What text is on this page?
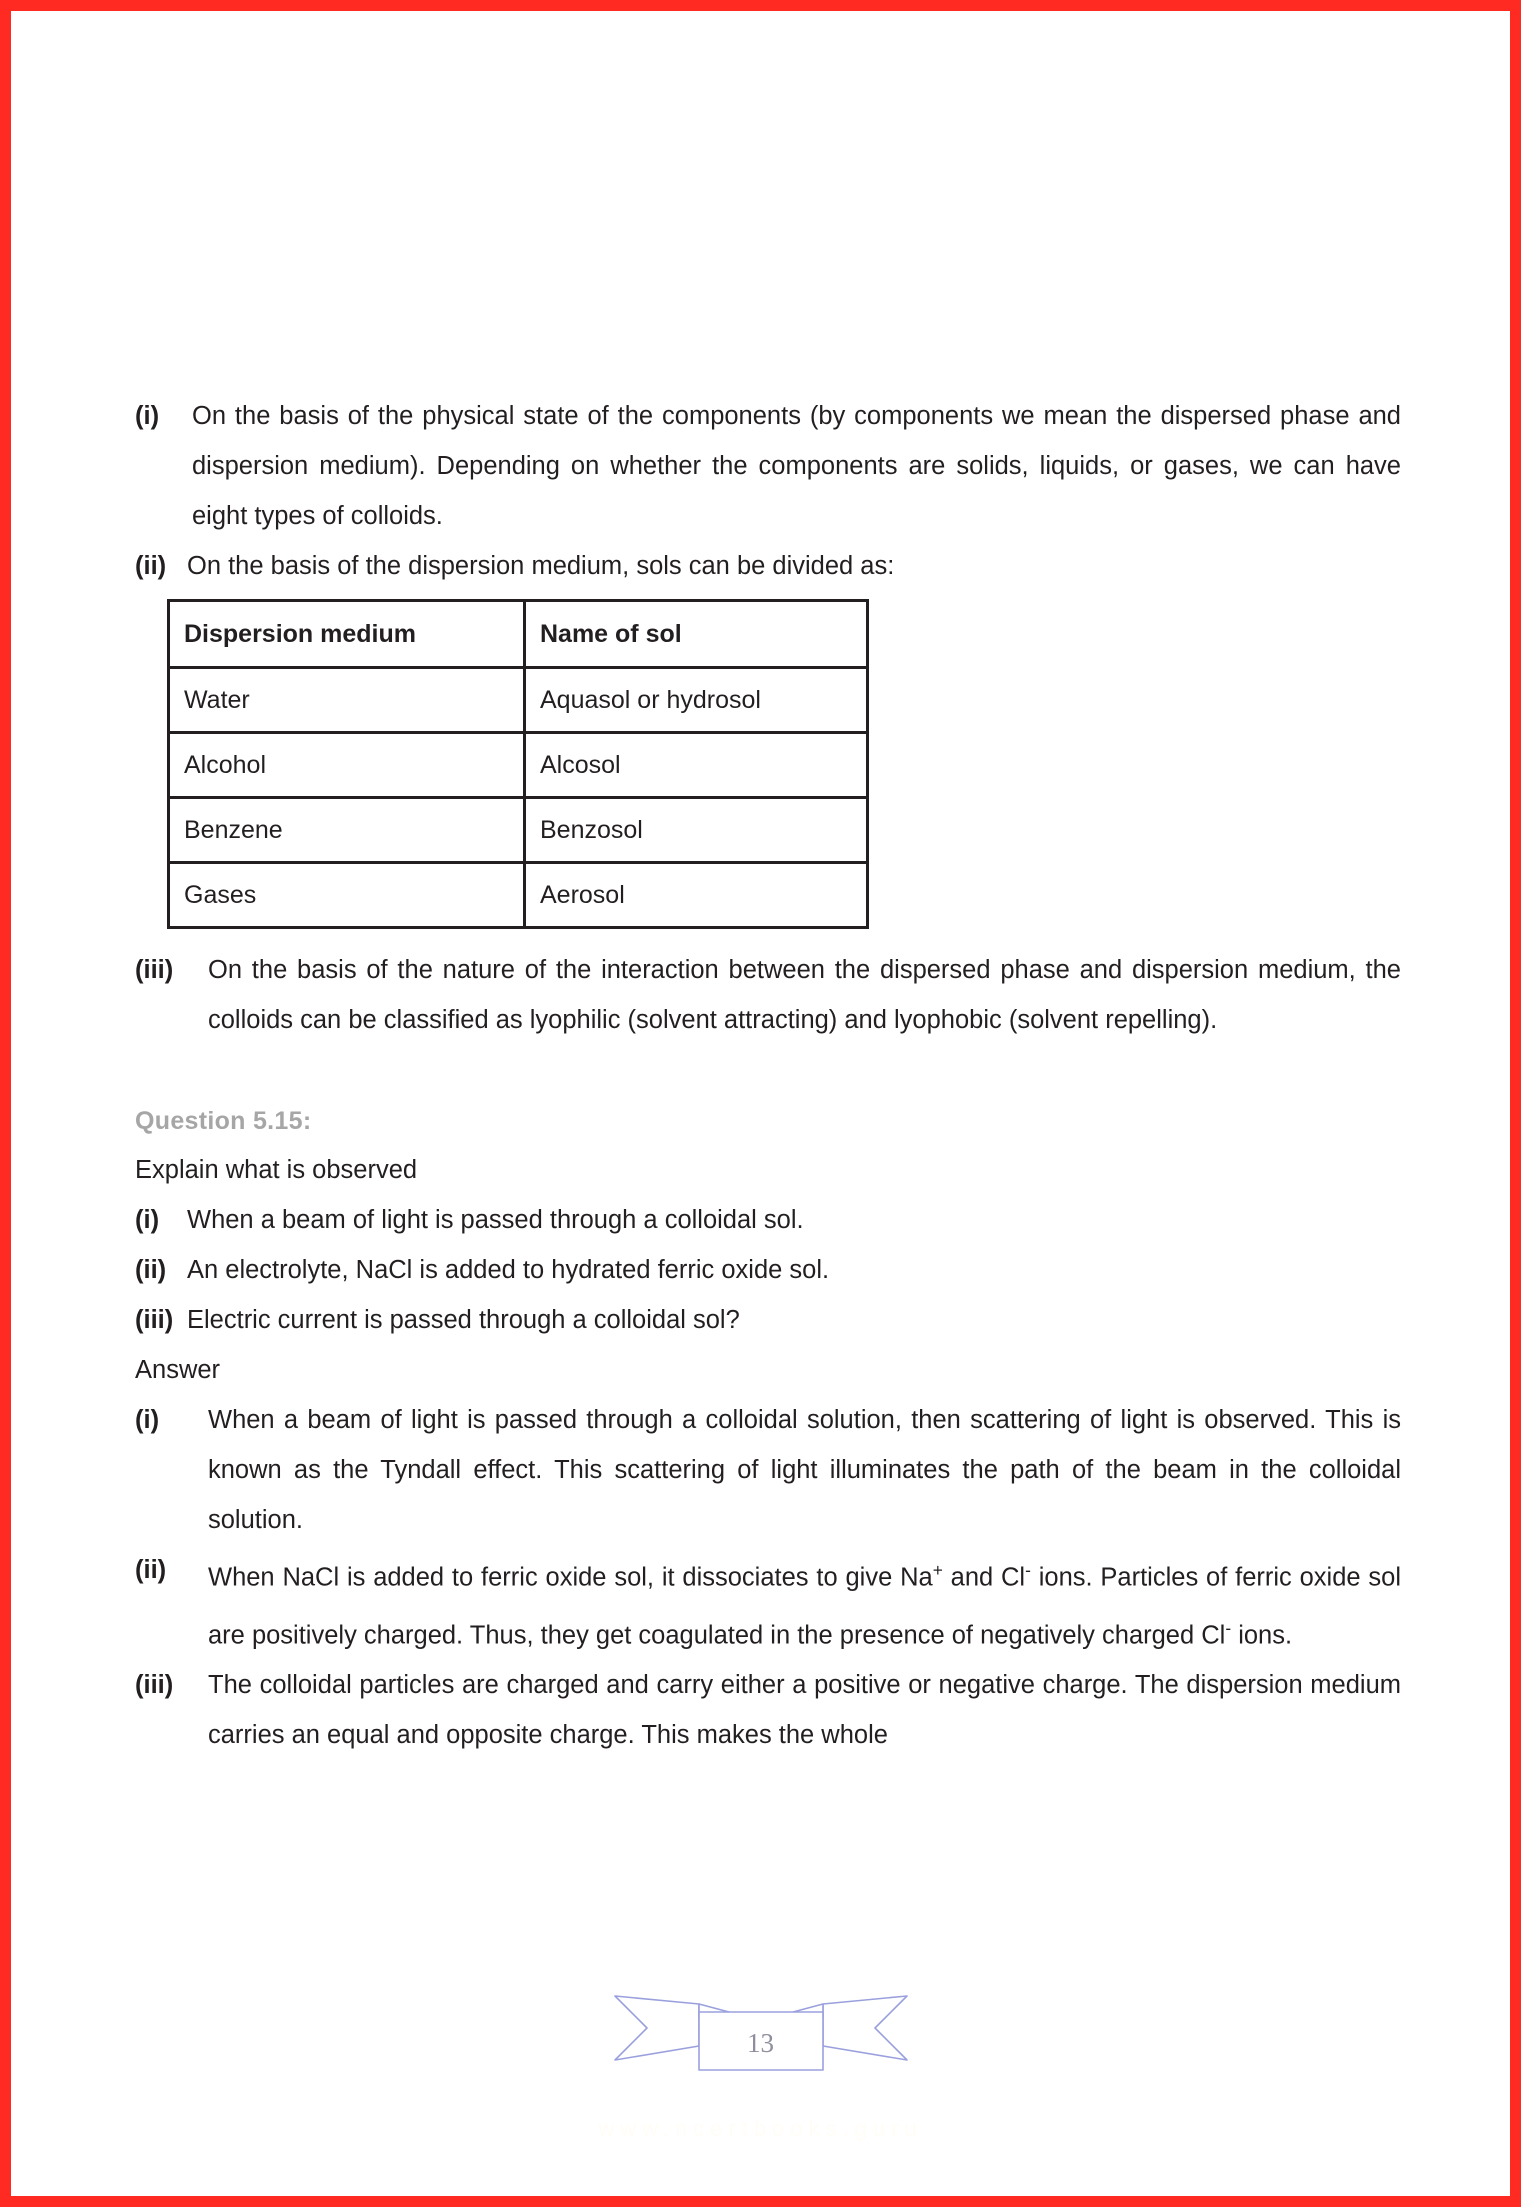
(i)	On the basis of the physical state of the components (by components we mean the dispersed phase and dispersion medium). Depending on whether the components are solids, liquids, or gases, we can have eight types of colloids.
(ii) On the basis of the dispersion medium, sols can be divided as:
Dispersion medium	Name of sol
Water	Aquasol or hydrosol
Alcohol	Alcosol
Benzene	Benzosol
Gases	Aerosol
(iii)	On the basis of the nature of the interaction between the dispersed phase and dispersion medium, the colloids can be classified as lyophilic (solvent attracting) and lyophobic (solvent repelling).
Question 5.15:
Explain what is observed
(i)	When a beam of light is passed through a colloidal sol.
(ii) An electrolyte, NaCl is added to hydrated ferric oxide sol.
(iii) Electric current is passed through a colloidal sol?
Answer
(i)	When a beam of light is passed through a colloidal solution, then scattering of light is observed. This is known as the Tyndall effect. This scattering of light illuminates the path of the beam in the colloidal solution.
(ii)	When NaCl is added to ferric oxide sol, it dissociates to give Na+ and Cl- ions. Particles of ferric oxide sol are positively charged. Thus, they get coagulated in the presence of negatively charged Cl- ions.
(iii)	The colloidal particles are charged and carry either a positive or negative charge. The dispersion medium carries an equal and opposite charge. This makes the whole
13
www.ncertbooks.guru
